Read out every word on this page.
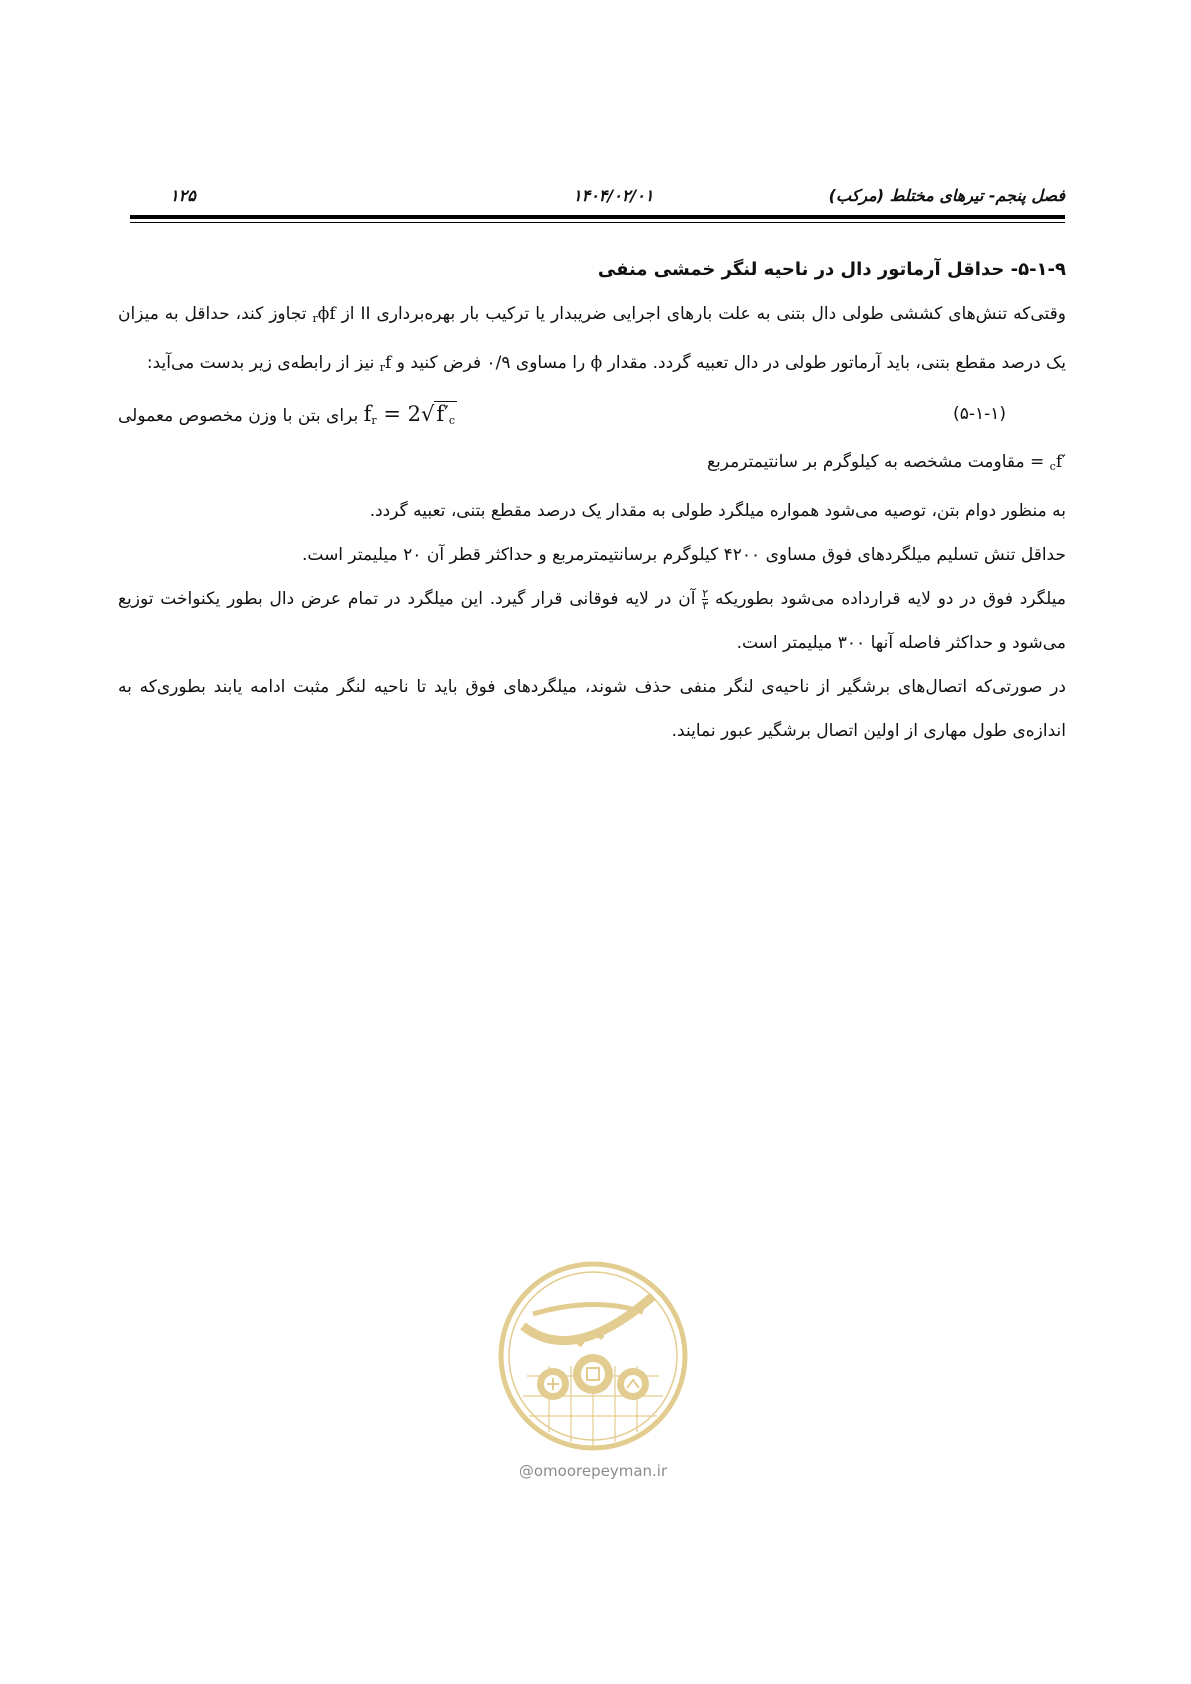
فصل پنجم- تیرهای مختلط (مرکب)
۱۴۰۴/۰۲/۰۱
۱۲۵
۵-۱-۹- حداقل آرماتور دال در ناحیه لنگر خمشی منفی

وقتی‌که تنش‌های کششی طولی دال بتنی به علت بارهای اجرایی ضریبدار یا ترکیب بار بهره‌برداری II از $\phi f_r$ تجاوز کند، حداقل به میزان یک درصد مقطع بتنی، باید آرماتور طولی در دال تعبیه گردد. مقدار ϕ را مساوی ۰/۹ فرض کنید و $f_r$ نیز از رابطه‌ی زیر بدست می‌آید:

(۵-۱-۱)
$f_r = 2√f'_c$ برای بتن با وزن مخصوص معمولی

$f'_c$ = مقاومت مشخصه به کیلوگرم بر سانتیمترمربع

به منظور دوام بتن، توصیه می‌شود همواره میلگرد طولی به مقدار یک درصد مقطع بتنی، تعبیه گردد.

حداقل تنش تسلیم میلگردهای فوق مساوی ۴۲۰۰ کیلوگرم برسانتیمترمربع و حداکثر قطر آن ۲۰ میلیمتر است.

میلگرد فوق در دو لایه قرارداده می‌شود بطوریکه $\frac{۲}{۳}$
آن در لایه فوقانی قرار گیرد. این میلگرد در تمام عرض دال بطور یکنواخت توزیع می‌شود و حداکثر فاصله آنها ۳۰۰ میلیمتر است.

در صورتی‌که اتصال‌های برشگیر از ناحیه‌ی لنگر منفی حذف شوند، میلگردهای فوق باید تا ناحیه لنگر مثبت ادامه یابند بطوری‌که به اندازه‌ی طول مهاری از اولین اتصال برشگیر عبور نمایند.

@omoorepeyman.ir
